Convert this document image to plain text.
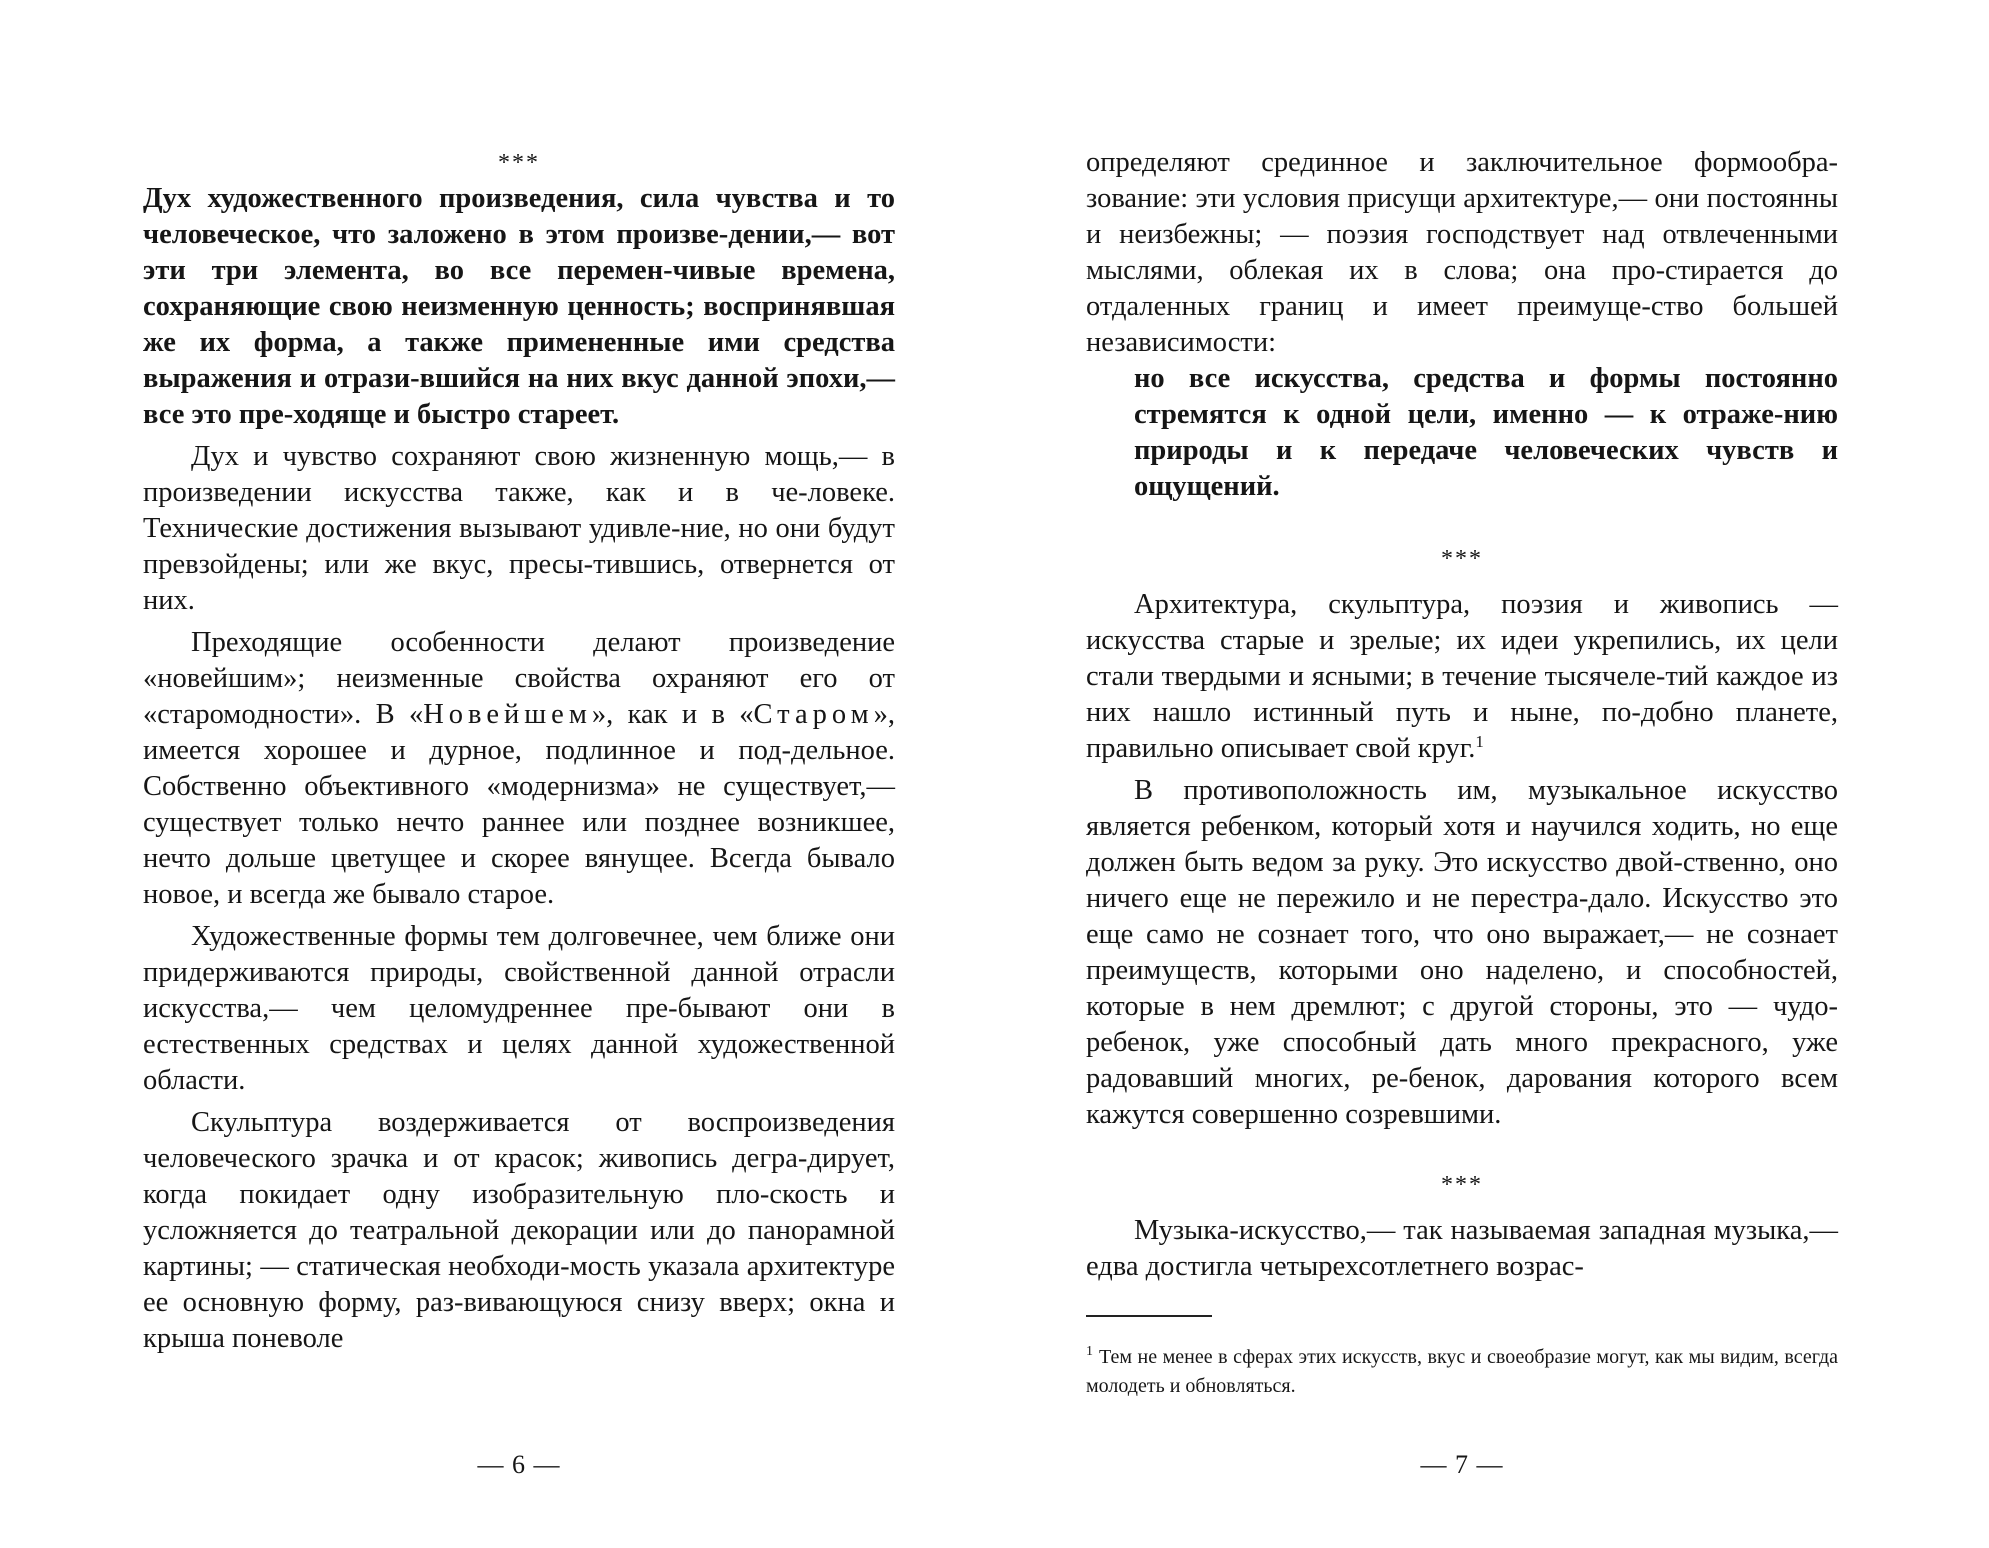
***

Дух художественного произведения, сила чувства и то человеческое, что заложено в этом произве-дении,— вот эти три элемента, во все перемен-чивые времена, сохраняющие свою неизменную ценность; воспринявшая же их форма, а также примененные ими средства выражения и отрази-вшийся на них вкус данной эпохи,— все это пре-ходяще и быстро стареет.

Дух и чувство сохраняют свою жизненную мощь,— в произведении искусства также, как и в че-ловеке. Технические достижения вызывают удивле-ние, но они будут превзойдены; или же вкус, пресы-тившись, отвернется от них.

Преходящие особенности делают произведение «новейшим»; неизменные свойства охраняют его от «старомодности». В «Новейшем», как и в «Старом», имеется хорошее и дурное, подлинное и под-дельное. Собственно объективного «модернизма» не существует,— существует только нечто раннее или позднее возникшее, нечто дольше цветущее и скорее вянущее. Всегда бывало новое, и всегда же бывало старое.

Художественные формы тем долговечнее, чем ближе они придерживаются природы, свойственной данной отрасли искусства,— чем целомудреннее пре-бывают они в естественных средствах и целях данной художественной области.

Скульптура воздерживается от воспроизведения человеческого зрачка и от красок; живопись дегра-дирует, когда покидает одну изобразительную пло-скость и усложняется до театральной декорации или до панорамной картины; — статическая необходи-мость указала архитектуре ее основную форму, раз-вивающуюся снизу вверх; окна и крыша поневоле

— 6 —

определяют срединное и заключительное формообра-зование: эти условия присущи архитектуре,— они постоянны и неизбежны; — поэзия господствует над отвлеченными мыслями, облекая их в слова; она про-стирается до отдаленных границ и имеет преимуще-ство большей независимости:

но все искусства, средства и формы постоянно стремятся к одной цели, именно — к отраже-нию природы и к передаче человеческих чувств и ощущений.

***

Архитектура, скульптура, поэзия и живопись — искусства старые и зрелые; их идеи укрепились, их цели стали твердыми и ясными; в течение тысячеле-тий каждое из них нашло истинный путь и ныне, по-добно планете, правильно описывает свой круг.$^1$

В противоположность им, музыкальное искусство является ребенком, который хотя и научился ходить, но еще должен быть ведом за руку. Это искусство двой-ственно, оно ничего еще не пережило и не перестра-дало. Искусство это еще само не сознает того, что оно выражает,— не сознает преимуществ, которыми оно наделено, и способностей, которые в нем дремлют; с другой стороны, это — чудо-ребенок, уже способный дать много прекрасного, уже радовавший многих, ре-бенок, дарования которого всем кажутся совершенно созревшими.

***

Музыка-искусство,— так называемая западная музыка,— едва достигла четырехсотлетнего возрас-

$^1$ Тем не менее в сферах этих искусств, вкус и своеобразие могут, как мы видим, всегда молодеть и обновляться.

— 7 —
